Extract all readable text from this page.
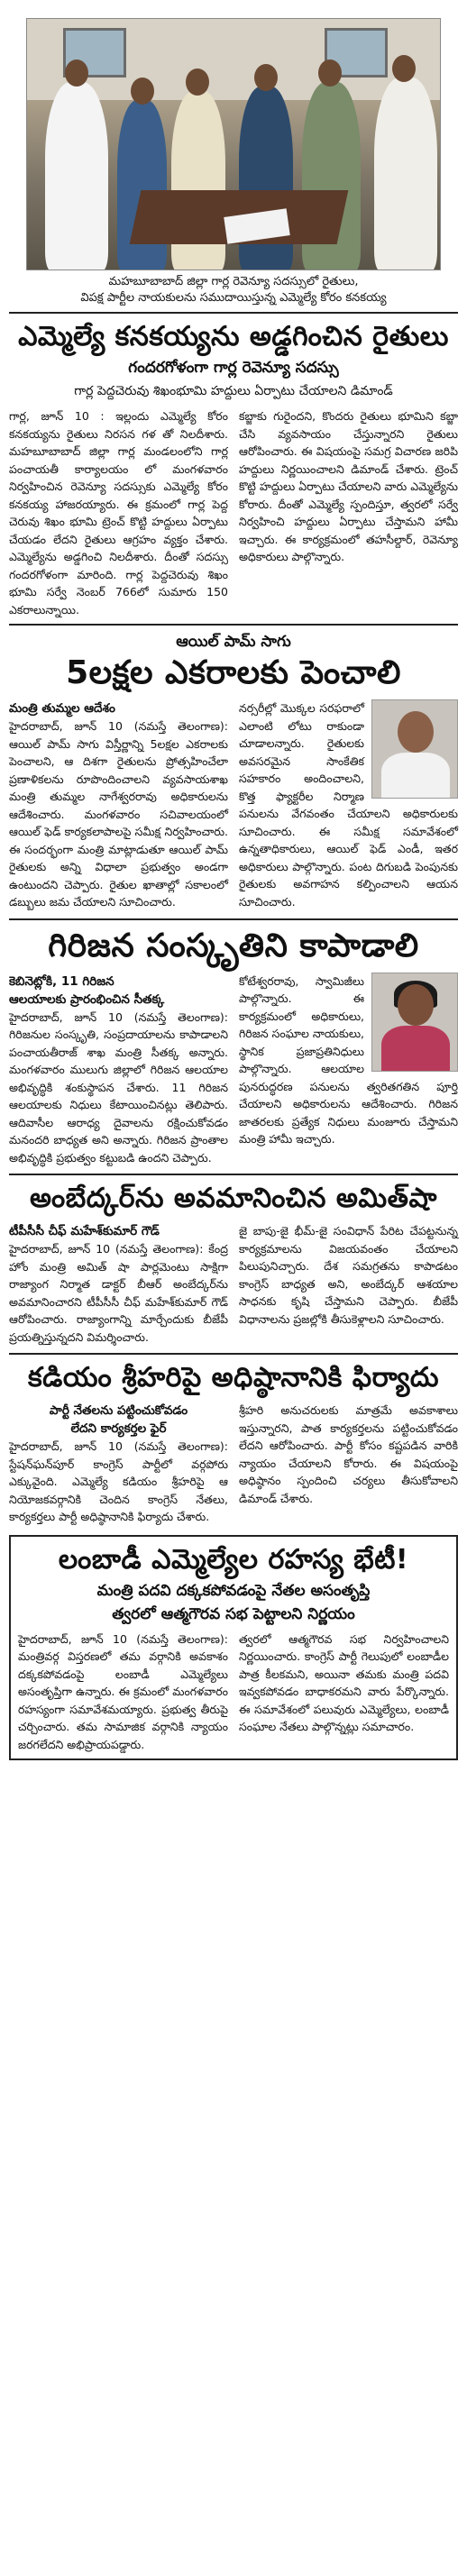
మహబూబాబాద్ జిల్లా గార్ల రెవెన్యూ సదస్సులో రైతులు,
విపక్ష పార్టీల నాయకులను సముదాయిస్తున్న ఎమ్మెల్యే కోరం కనకయ్య
ఎమ్మెల్యే కనకయ్యను అడ్డగించిన రైతులు
గందరగోళంగా గార్ల రెవెన్యూ సదస్సు
గార్ల పెద్దచెరువు శిఖంభూమి హద్దులు ఏర్పాటు చేయాలని డిమాండ్
గార్ల, జూన్ 10 : ఇల్లందు ఎమ్మెల్యే కోరం కనకయ్యను రైతులు నిరసన గళ తో నిలదీశారు. మహబూబాబాద్ జిల్లా గార్ల మండలంలోని గార్ల పంచాయతీ కార్యాలయం లో మంగళవారం నిర్వహించిన రెవెన్యూ సదస్సుకు ఎమ్మెల్యే కోరం కనకయ్య హాజరయ్యారు. ఈ క్రమంలో గార్ల పెద్ద చెరువు శిఖం భూమి ట్రెంచ్ కొట్టి హద్దులు ఏర్పాటు చేయడం లేదని రైతులు ఆగ్రహం వ్యక్తం చేశారు. ఎమ్మెల్యేను అడ్డగించి నిలదీశారు. దీంతో సదస్సు గందరగోళంగా మారింది. గార్ల పెద్దచెరువు శిఖం భూమి సర్వే నెంబర్ 766లో సుమారు 150 ఎకరాలున్నాయి.
కబ్జాకు గురైందని, కొందరు రైతులు భూమిని కబ్జా చేసి వ్యవసాయం చేస్తున్నారని రైతులు ఆరోపించారు. ఈ విషయంపై సమగ్ర విచారణ జరిపి హద్దులు నిర్ణయించాలని డిమాండ్ చేశారు. ట్రెంచ్ కొట్టి హద్దులు ఏర్పాటు చేయాలని వారు ఎమ్మెల్యేను కోరారు. దీంతో ఎమ్మెల్యే స్పందిస్తూ, త్వరలో సర్వే నిర్వహించి హద్దులు ఏర్పాటు చేస్తామని హామీ ఇచ్చారు. ఈ కార్యక్రమంలో తహసీల్దార్, రెవెన్యూ అధికారులు పాల్గొన్నారు.
ఆయిల్ పామ్ సాగు
5లక్షల ఎకరాలకు పెంచాలి
మంత్రి తుమ్మల ఆదేశం

హైదరాబాద్, జూన్ 10 (నమస్తే తెలంగాణ): ఆయిల్ పామ్ సాగు విస్తీర్ణాన్ని 5లక్షల ఎకరాలకు పెంచాలని, ఆ దిశగా రైతులను ప్రోత్సహించేలా ప్రణాళికలను రూపొందించాలని వ్యవసాయశాఖ మంత్రి తుమ్మల నాగేశ్వరరావు అధికారులను ఆదేశించారు. మంగళవారం సచివాలయంలో ఆయిల్ ఫెడ్ కార్యకలాపాలపై సమీక్ష నిర్వహించారు. ఈ సందర్భంగా మంత్రి మాట్లాడుతూ ఆయిల్ పామ్ రైతులకు అన్ని విధాలా ప్రభుత్వం అండగా ఉంటుందని చెప్పారు. రైతుల ఖాతాల్లో సకాలంలో డబ్బులు జమ చేయాలని సూచించారు.

నర్సరీల్లో మొక్కల సరఫరాలో ఎలాంటి లోటు రాకుండా చూడాలన్నారు. రైతులకు అవసరమైన సాంకేతిక సహకారం అందించాలని, కొత్త ఫ్యాక్టరీల నిర్మాణ పనులను వేగవంతం చేయాలని అధికారులకు సూచించారు. ఈ సమీక్ష సమావేశంలో ఉన్నతాధికారులు, ఆయిల్ ఫెడ్ ఎండీ, ఇతర అధికారులు పాల్గొన్నారు. పంట దిగుబడి పెంపునకు రైతులకు అవగాహన కల్పించాలని ఆయన సూచించారు.

గిరిజన సంస్కృతిని కాపాడాలి
కెబినెట్లోకి, 11 గిరిజన
ఆలయాలకు ప్రారంభించిన సీతక్క

హైదరాబాద్, జూన్ 10 (నమస్తే తెలంగాణ): గిరిజనుల సంస్కృతి, సంప్రదాయాలను కాపాడాలని పంచాయతీరాజ్ శాఖ మంత్రి సీతక్క అన్నారు. మంగళవారం ములుగు జిల్లాలో గిరిజన ఆలయాల అభివృద్ధికి శంకుస్థాపన చేశారు. 11 గిరిజన ఆలయాలకు నిధులు కేటాయించినట్లు తెలిపారు. ఆదివాసీల ఆరాధ్య దైవాలను రక్షించుకోవడం మనందరి బాధ్యత అని అన్నారు. గిరిజన ప్రాంతాల అభివృద్ధికి ప్రభుత్వం కట్టుబడి ఉందని చెప్పారు.

కోటేశ్వరరావు, స్వామిజీలు పాల్గొన్నారు. ఈ కార్యక్రమంలో అధికారులు, గిరిజన సంఘాల నాయకులు, స్థానిక ప్రజాప్రతినిధులు పాల్గొన్నారు. ఆలయాల పునరుద్ధరణ పనులను త్వరితగతిన పూర్తి చేయాలని అధికారులను ఆదేశించారు. గిరిజన జాతరలకు ప్రత్యేక నిధులు మంజూరు చేస్తామని మంత్రి హామీ ఇచ్చారు.

అంబేద్కర్‌ను అవమానించిన అమిత్‌షా
టీపీసీసీ చీఫ్ మహేశ్‌కుమార్ గౌడ్

హైదరాబాద్, జూన్ 10 (నమస్తే తెలంగాణ): కేంద్ర హోం మంత్రి అమిత్ షా పార్లమెంటు సాక్షిగా రాజ్యాంగ నిర్మాత డాక్టర్ బీఆర్ అంబేద్కర్‌ను అవమానించారని టీపీసీసీ చీఫ్ మహేశ్‌కుమార్ గౌడ్ ఆరోపించారు. రాజ్యాంగాన్ని మార్చేందుకు బీజేపీ ప్రయత్నిస్తున్నదని విమర్శించారు.

జై బాపు-జై భీమ్-జై సంవిధాన్ పేరిట చేపట్టనున్న కార్యక్రమాలను విజయవంతం చేయాలని పిలుపునిచ్చారు. దేశ సమగ్రతను కాపాడటం కాంగ్రెస్ బాధ్యత అని, అంబేద్కర్ ఆశయాల సాధనకు కృషి చేస్తామని చెప్పారు. బీజేపీ విధానాలను ప్రజల్లోకి తీసుకెళ్లాలని సూచించారు.
కడియం శ్రీహరిపై అధిష్ఠానానికి ఫిర్యాదు
పార్టీ నేతలను పట్టించుకోవడం
లేదని కార్యకర్తల ఫైర్

హైదరాబాద్, జూన్ 10 (నమస్తే తెలంగాణ): స్టేషన్‌ఘన్‌పూర్ కాంగ్రెస్ పార్టీలో వర్గపోరు ఎక్కువైంది. ఎమ్మెల్యే కడియం శ్రీహరిపై ఆ నియోజకవర్గానికి చెందిన కాంగ్రెస్ నేతలు, కార్యకర్తలు పార్టీ అధిష్ఠానానికి ఫిర్యాదు చేశారు.

శ్రీహరి అనుచరులకు మాత్రమే అవకాశాలు ఇస్తున్నారని, పాత కార్యకర్తలను పట్టించుకోవడం లేదని ఆరోపించారు. పార్టీ కోసం కష్టపడిన వారికి న్యాయం చేయాలని కోరారు. ఈ విషయంపై అధిష్ఠానం స్పందించి చర్యలు తీసుకోవాలని డిమాండ్ చేశారు.
లంబాడీ ఎమ్మెల్యేల రహస్య భేటీ!
మంత్రి పదవి దక్కకపోవడంపై నేతల అసంతృప్తి
త్వరలో ఆత్మగౌరవ సభ పెట్టాలని నిర్ణయం
హైదరాబాద్, జూన్ 10 (నమస్తే తెలంగాణ): మంత్రివర్గ విస్తరణలో తమ వర్గానికి అవకాశం దక్కకపోవడంపై లంబాడీ ఎమ్మెల్యేలు అసంతృప్తిగా ఉన్నారు. ఈ క్రమంలో మంగళవారం రహస్యంగా సమావేశమయ్యారు. ప్రభుత్వ తీరుపై చర్చించారు. తమ సామాజిక వర్గానికి న్యాయం జరగలేదని అభిప్రాయపడ్డారు.
త్వరలో ఆత్మగౌరవ సభ నిర్వహించాలని నిర్ణయించారు. కాంగ్రెస్ పార్టీ గెలుపులో లంబాడీల పాత్ర కీలకమని, అయినా తమకు మంత్రి పదవి ఇవ్వకపోవడం బాధాకరమని వారు పేర్కొన్నారు. ఈ సమావేశంలో పలువురు ఎమ్మెల్యేలు, లంబాడీ సంఘాల నేతలు పాల్గొన్నట్లు సమాచారం.
